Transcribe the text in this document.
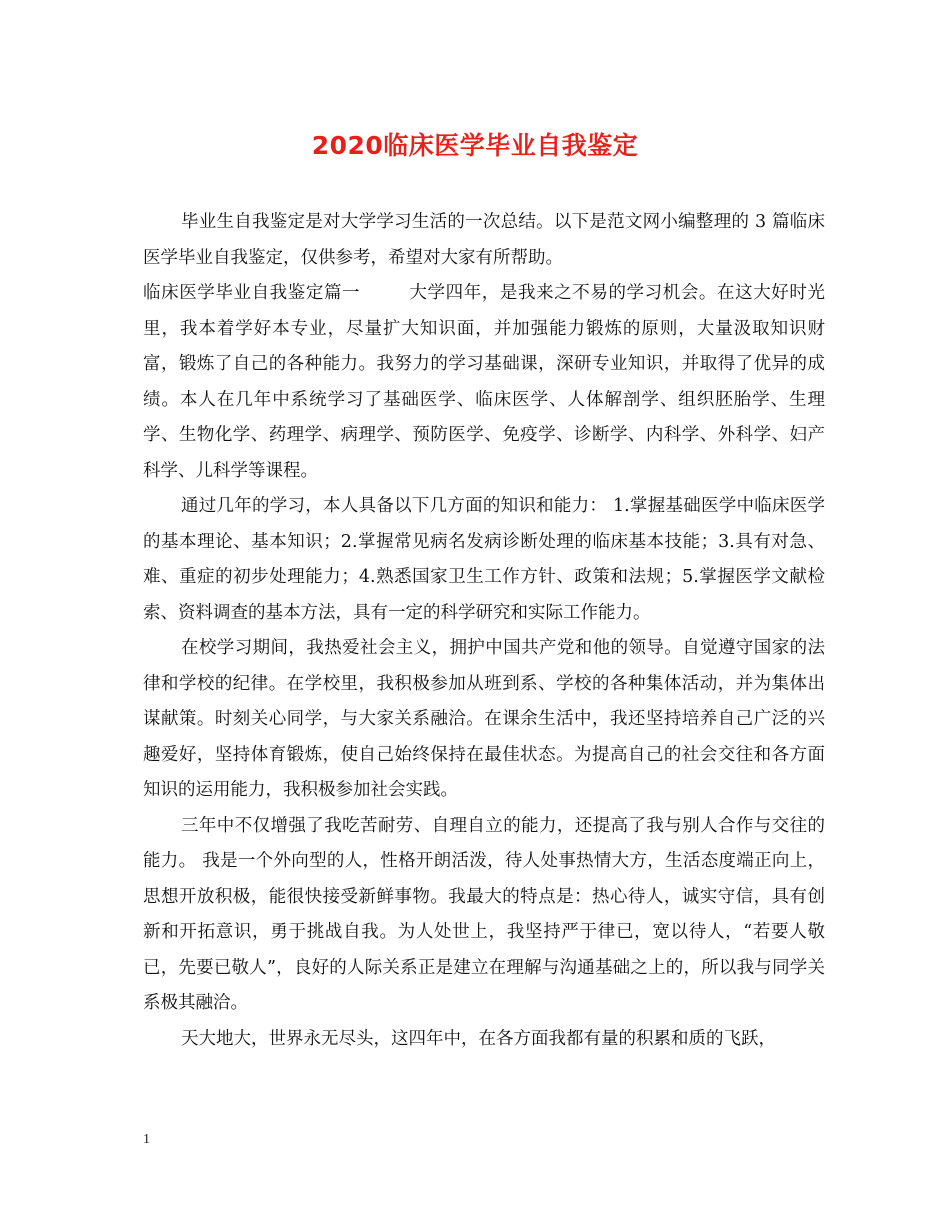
2020临床医学毕业自我鉴定

毕业生自我鉴定是对大学学习生活的一次总结。以下是范文网小编整理的 3 篇临床医学毕业自我鉴定，仅供参考，希望对大家有所帮助。

临床医学毕业自我鉴定篇一	大学四年，是我来之不易的学习机会。在这大好时光里，我本着学好本专业，尽量扩大知识面，并加强能力锻炼的原则，大量汲取知识财富，锻炼了自己的各种能力。我努力的学习基础课，深研专业知识，并取得了优异的成绩。本人在几年中系统学习了基础医学、临床医学、人体解剖学、组织胚胎学、生理学、生物化学、药理学、病理学、预防医学、免疫学、诊断学、内科学、外科学、妇产科学、儿科学等课程。

通过几年的学习，本人具备以下几方面的知识和能力： 1.掌握基础医学中临床医学的基本理论、基本知识；2.掌握常见病名发病诊断处理的临床基本技能；3.具有对急、难、重症的初步处理能力；4.熟悉国家卫生工作方针、政策和法规；5.掌握医学文献检索、资料调查的基本方法，具有一定的科学研究和实际工作能力。

在校学习期间，我热爱社会主义，拥护中国共产党和他的领导。自觉遵守国家的法律和学校的纪律。在学校里，我积极参加从班到系、学校的各种集体活动，并为集体出谋献策。时刻关心同学，与大家关系融洽。在课余生活中，我还坚持培养自己广泛的兴趣爱好，坚持体育锻炼，使自己始终保持在最佳状态。为提高自己的社会交往和各方面知识的运用能力，我积极参加社会实践。

三年中不仅增强了我吃苦耐劳、自理自立的能力，还提高了我与别人合作与交往的能力。 我是一个外向型的人，性格开朗活泼，待人处事热情大方，生活态度端正向上，思想开放积极，能很快接受新鲜事物。我最大的特点是：热心待人，诚实守信，具有创新和开拓意识，勇于挑战自我。为人处世上，我坚持严于律已，宽以待人，“若要人敬已，先要已敬人”，良好的人际关系正是建立在理解与沟通基础之上的，所以我与同学关系极其融洽。

天大地大，世界永无尽头，这四年中，在各方面我都有量的积累和质的飞跃，

1
